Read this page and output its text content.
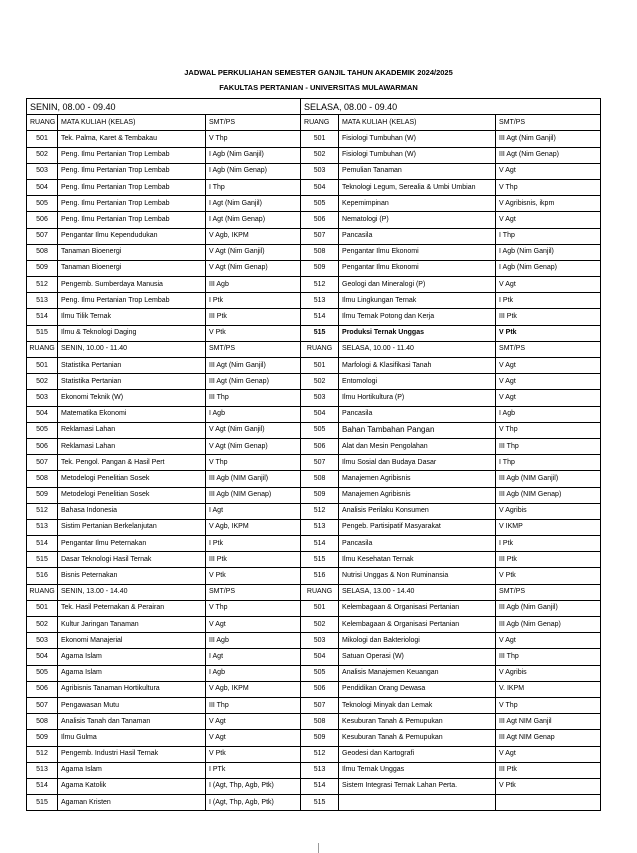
JADWAL PERKULIAHAN SEMESTER GANJIL TAHUN AKADEMIK 2024/2025
FAKULTAS PERTANIAN - UNIVERSITAS MULAWARMAN
SENIN, 08.00 - 09.40			SELASA, 08.00 - 09.40		
RUANG	MATA KULIAH (KELAS)	SMT/PS	RUANG	MATA KULIAH (KELAS)	SMT/PS
501	Tek. Palma, Karet & Tembakau	V Thp	501	Fisiologi Tumbuhan (W)	III Agt (Nim Ganjil)
502	Peng. Ilmu Pertanian Trop Lembab	I Agb (Nim Ganjil)	502	Fisiologi Tumbuhan (W)	III Agt (Nim Genap)
503	Peng. Ilmu Pertanian Trop Lembab	I Agb (Nim Genap)	503	Pemulian Tanaman	V Agt
504	Peng. Ilmu Pertanian Trop Lembab	I Thp	504	Teknologi Legum, Serealia & Umbi Umbian	V Thp
505	Peng. Ilmu Pertanian Trop Lembab	I Agt (Nim Ganjil)	505	Kepemimpinan	V Agribisnis, ikpm
506	Peng. Ilmu Pertanian Trop Lembab	I Agt (Nim Genap)	506	Nematologi (P)	V Agt
507	Pengantar Ilmu Kependudukan	V Agb, IKPM	507	Pancasila	I Thp
508	Tanaman Bioenergi	V Agt (Nim Ganjil)	508	Pengantar Ilmu Ekonomi	I Agb (Nim Ganjil)
509	Tanaman Bioenergi	V Agt (Nim Genap)	509	Pengantar Ilmu Ekonomi	I Agb (Nim Genap)
512	Pengemb. Sumberdaya Manusia	III Agb	512	Geologi dan Mineralogi (P)	V Agt
513	Peng. Ilmu Pertanian Trop Lembab	I Ptk	513	Ilmu Lingkungan Ternak	I Ptk
514	Ilmu Tilik Ternak	III Ptk	514	Ilmu Ternak Potong dan Kerja	III Ptk
515	Ilmu & Teknologi Daging	V Ptk	515	Produksi Ternak Unggas	V Ptk
RUANG	SENIN, 10.00 - 11.40	SMT/PS	RUANG	SELASA, 10.00 - 11.40	SMT/PS
501	Statistika Pertanian	III Agt (Nim Ganjil)	501	Marfologi & Klasifikasi Tanah	V Agt
502	Statistika Pertanian	III Agt (Nim Genap)	502	Entomologi	V Agt
503	Ekonomi Teknik (W)	III Thp	503	Ilmu Hortikultura (P)	V Agt
504	Matematika Ekonomi	I Agb	504	Pancasila	I Agb
505	Reklamasi Lahan	V Agt (Nim Ganjil)	505	Bahan Tambahan Pangan	V Thp
506	Reklamasi Lahan	V Agt (Nim Genap)	506	Alat dan Mesin Pengolahan	III Thp
507	Tek. Pengol. Pangan & Hasil Pert	V Thp	507	Ilmu Sosial dan Budaya Dasar	I Thp
508	Metodelogi Penelitian Sosek	III Agb (NIM Ganjil)	508	Manajemen Agribisnis	III Agb (NIM Ganjil)
509	Metodelogi Penelitian Sosek	III Agb (NIM Genap)	509	Manajemen Agribisnis	III Agb (NIM Genap)
512	Bahasa Indonesia	I Agt	512	Analisis Perilaku Konsumen	V Agribis
513	Sistim Pertanian Berkelanjutan	V Agb, IKPM	513	Pengeb. Partisipatif Masyarakat	V IKMP
514	Pengantar Ilmu Peternakan	I Ptk	514	Pancasila	I Ptk
515	Dasar Teknologi Hasil Ternak	III Ptk	515	Ilmu Kesehatan Ternak	III Ptk
516	Bisnis Peternakan	V Ptk	516	Nutrisi Unggas & Non Ruminansia	V Ptk
RUANG	SENIN, 13.00 - 14.40	SMT/PS	RUANG	SELASA, 13.00 - 14.40	SMT/PS
501	Tek. Hasil Peternakan & Perairan	V Thp	501	Kelembagaan & Organisasi Pertanian	III Agb (Nim Ganjil)
502	Kultur Jaringan Tanaman	V Agt	502	Kelembagaan & Organisasi Pertanian	III Agb (Nim Genap)
503	Ekonomi Manajerial	III Agb	503	Mikologi dan Bakteriologi	V Agt
504	Agama Islam	I Agt	504	Satuan Operasi (W)	III Thp
505	Agama Islam	I Agb	505	Analisis Manajemen Keuangan	V Agribis
506	Agribisnis Tanaman Hortikultura	V Agb, IKPM	506	Pendidikan Orang Dewasa	V. IKPM
507	Pengawasan Mutu	III Thp	507	Teknologi Minyak dan Lemak	V Thp
508	Analisis Tanah dan Tanaman	V Agt	508	Kesuburan Tanah & Pemupukan	III Agt NIM Ganjil
509	Ilmu Gulma	V Agt	509	Kesuburan Tanah & Pemupukan	III Agt NIM Genap
512	Pengemb. Industri Hasil Ternak	V Ptk	512	Geodesi dan Kartografi	V Agt
513	Agama Islam	I PTk	513	Ilmu Ternak Unggas	III Ptk
514	Agama Katolik	I (Agt, Thp, Agb, Ptk)	514	Sistem Integrasi Ternak Lahan Perta.	V Ptk
515	Agaman Kristen	I (Agt, Thp, Agb, Ptk)	515		
